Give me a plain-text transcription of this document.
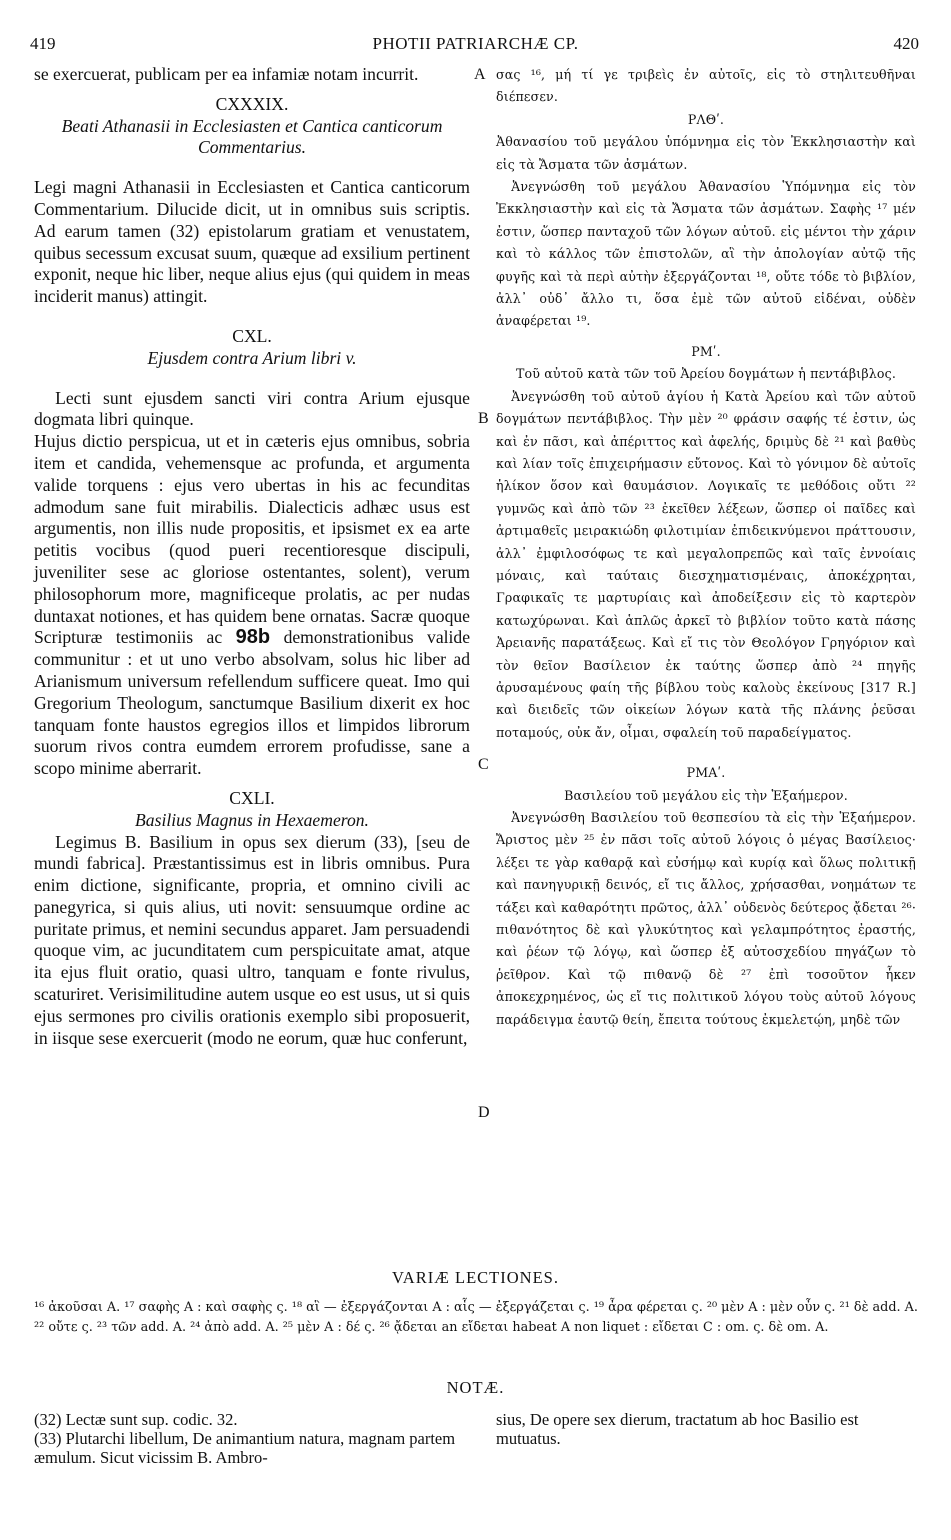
419	PHOTII PATRIARCHÆ CP.	420
A
B
C
D

se exercuerat, publicam per ea infamiæ notam incurrit.

CXXXIX.
Beati Athanasii in Ecclesiasten et Cantica canticorum Commentarius.

Legi magni Athanasii in Ecclesiasten et Cantica canticorum Commentarium. Dilucide dicit, ut in omnibus suis scriptis. Ad earum tamen (32) epistolarum gratiam et venustatem, quibus secessum excusat suum, quæque ad exsilium pertinent exponit, neque hic liber, neque alius ejus (qui quidem in meas inciderit manus) attingit.

CXL.
Ejusdem contra Arium libri v.

Lecti sunt ejusdem sancti viri contra Arium ejusque dogmata libri quinque.

Hujus dictio perspicua, ut et in cæteris ejus omnibus, sobria item et candida, vehemensque ac profunda, et argumenta valide torquens : ejus vero ubertas in his ac fecunditas admodum sane fuit mirabilis. Dialecticis adhæc usus est argumentis, non illis nude propositis, et ipsismet ex ea arte petitis vocibus (quod pueri recentioresque discipuli, juveniliter sese ac gloriose ostentantes, solent), verum philosophorum more, magnificeque prolatis, ac per nudas duntaxat notiones, et has quidem bene ornatas. Sacræ quoque Scripturæ testimoniis ac 98b demonstrationibus valide communitur : et ut uno verbo absolvam, solus hic liber ad Arianismum universum refellendum sufficere queat. Imo qui Gregorium Theologum, sanctumque Basilium dixerit ex hoc tanquam fonte haustos egregios illos et limpidos librorum suorum rivos contra eumdem errorem profudisse, sane a scopo minime aberrarit.

CXLI.
Basilius Magnus in Hexaemeron.

Legimus B. Basilium in opus sex dierum (33), [seu de mundi fabrica]. Præstantissimus est in libris omnibus. Pura enim dictione, significante, propria, et omnino civili ac panegyrica, si quis alius, uti novit: sensuumque ordine ac puritate primus, et nemini secundus apparet. Jam persuadendi quoque vim, ac jucunditatem cum perspicuitate amat, atque ita ejus fluit oratio, quasi ultro, tanquam e fonte rivulus, scaturiret. Verisimilitudine autem usque eo est usus, ut si quis ejus sermones pro civilis orationis exemplo sibi proposuerit, in iisque sese exercuerit (modo ne eorum, quæ huc conferunt,

σας ¹⁶, μή τί γε τριβεὶς ἐν αὐτοῖς, εἰς τὸ στηλιτευθῆναι διέπεσεν.

ΡΛΘʹ.

Ἀθανασίου τοῦ μεγάλου ὑπόμνημα εἰς τὸν Ἐκκλησιαστὴν καὶ εἰς τὰ Ἄσματα τῶν ἀσμάτων.

Ἀνεγνώσθη τοῦ μεγάλου Ἀθανασίου Ὑπόμνημα εἰς τὸν Ἐκκλησιαστὴν καὶ εἰς τὰ Ἄσματα τῶν ἀσμάτων. Σαφὴς ¹⁷ μέν ἐστιν, ὥσπερ πανταχοῦ τῶν λόγων αὐτοῦ. εἰς μέντοι τὴν χάριν καὶ τὸ κάλλος τῶν ἐπιστολῶν, αἳ τὴν ἀπολογίαν αὐτῷ τῆς φυγῆς καὶ τὰ περὶ αὐτὴν ἐξεργάζονται ¹⁸, οὔτε τόδε τὸ βιβλίον, ἀλλ᾽ οὐδ᾽ ἄλλο τι, ὅσα ἐμὲ τῶν αὐτοῦ εἰδέναι, οὐδὲν ἀναφέρεται ¹⁹.

ΡΜʹ.
Τοῦ αὐτοῦ κατὰ τῶν τοῦ Ἀρείου δογμάτων ἡ πεντάβιβλος.

Ἀνεγνώσθη τοῦ αὐτοῦ ἁγίου ἡ Κατὰ Ἀρείου καὶ τῶν αὐτοῦ δογμάτων πεντάβιβλος. Τὴν μὲν ²⁰ φράσιν σαφής τέ ἐστιν, ὡς καὶ ἐν πᾶσι, καὶ ἀπέριττος καὶ ἀφελής, δριμὺς δὲ ²¹ καὶ βαθὺς καὶ λίαν τοῖς ἐπιχειρήμασιν εὔτονος. Καὶ τὸ γόνιμον δὲ αὐτοῖς ἡλίκον ὅσον καὶ θαυμάσιον. Λογικαῖς τε μεθόδοις οὔτι ²² γυμνῶς καὶ ἀπὸ τῶν ²³ ἐκεῖθεν λέξεων, ὥσπερ οἱ παῖδες καὶ ἀρτιμαθεῖς μειρακιώδη φιλοτιμίαν ἐπιδεικνύμενοι πράττουσιν, ἀλλ᾽ ἐμφιλοσόφως τε καὶ μεγαλοπρεπῶς καὶ ταῖς ἐννοίαις μόναις, καὶ ταύταις διεσχηματισμέναις, ἀποκέχρηται, Γραφικαῖς τε μαρτυρίαις καὶ ἀποδείξεσιν εἰς τὸ καρτερὸν κατωχύρωναι. Καὶ ἁπλῶς ἀρκεῖ τὸ βιβλίον τοῦτο κατὰ πάσης Ἀρειανῆς παρατάξεως. Καὶ εἴ τις τὸν Θεολόγον Γρηγόριον καὶ τὸν θεῖον Βασίλειον ἐκ ταύτης ὥσπερ ἀπὸ ²⁴ πηγῆς ἀρυσαμένους φαίη τῆς βίβλου τοὺς καλοὺς ἐκείνους [317 R.] καὶ διειδεῖς τῶν οἰκείων λόγων κατὰ τῆς πλάνης ῥεῦσαι ποταμούς, οὐκ ἄν, οἶμαι, σφαλείη τοῦ παραδείγματος.

ΡΜΑʹ.
Βασιλείου τοῦ μεγάλου εἰς τὴν Ἑξαήμερον.

Ἀνεγνώσθη Βασιλείου τοῦ θεσπεσίου τὰ εἰς τὴν Ἑξαήμερον. Ἄριστος μὲν ²⁵ ἐν πᾶσι τοῖς αὐτοῦ λόγοις ὁ μέγας Βασίλειος· λέξει τε γὰρ καθαρᾷ καὶ εὐσήμῳ καὶ κυρίᾳ καὶ ὅλως πολιτικῇ καὶ πανηγυρικῇ δεινός, εἴ τις ἄλλος, χρήσασθαι, νοημάτων τε τάξει καὶ καθαρότητι πρῶτος, ἀλλ᾽ οὐδενὸς δεύτερος ᾄδεται ²⁶· πιθανότητος δὲ καὶ γλυκύτητος καὶ γελαμπρότητος ἐραστής, καὶ ῥέων τῷ λόγῳ, καὶ ὥσπερ ἐξ αὐτοσχεδίου πηγάζων τὸ ῥεῖθρον. Καὶ τῷ πιθανῷ δὲ ²⁷ ἐπὶ τοσοῦτον ἧκεν ἀποκεχρημένος, ὡς εἴ τις πολιτικοῦ λόγου τοὺς αὐτοῦ λόγους παράδειγμα ἑαυτῷ θείη, ἔπειτα τούτους ἐκμελετῴη, μηδὲ τῶν

VARIÆ LECTIONES.
¹⁶ ἀκοῦσαι A. ¹⁷ σαφὴς A : καὶ σαφὴς ς. ¹⁸ αἳ — ἐξεργάζονται A : αἷς — ἐξεργάζεται ς. ¹⁹ ἆρα φέρεται ς. ²⁰ μὲν A : μὲν οὖν ς. ²¹ δὲ add. A. ²² οὔτε ς. ²³ τῶν add. A. ²⁴ ἀπὸ add. A. ²⁵ μὲν A : δέ ς. ²⁶ ᾄδεται an εἴδεται habeat A non liquet : εἴδεται C : om. ς. δὲ om. A.
NOTÆ.

(32) Lectæ sunt sup. codic. 32.

(33) Plutarchi libellum, De animantium natura, magnam partem æmulum. Sicut vicissim B. Ambro-

sius, De opere sex dierum, tractatum ab hoc Basilio est mutuatus.
